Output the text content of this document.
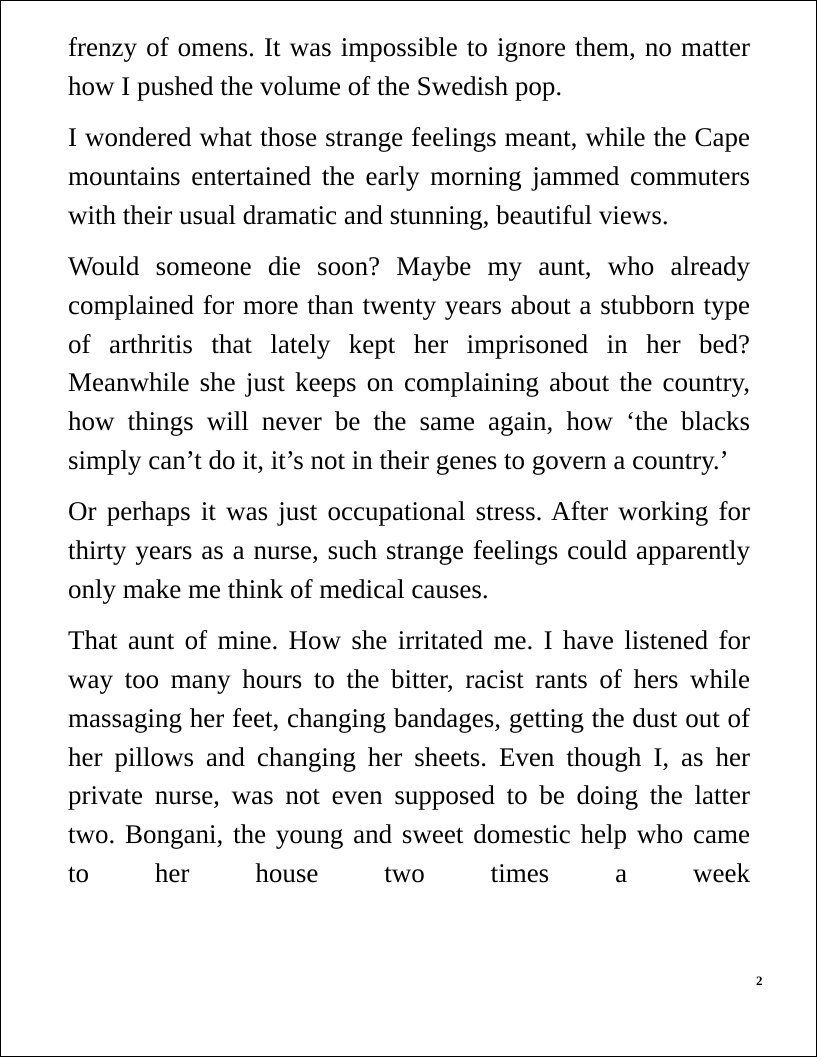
frenzy of omens. It was impossible to ignore them, no matter how I pushed the volume of the Swedish pop.

I wondered what those strange feelings meant, while the Cape mountains entertained the early morning jammed commuters with their usual dramatic and stunning, beautiful views.

Would someone die soon? Maybe my aunt, who already complained for more than twenty years about a stubborn type of arthritis that lately kept her imprisoned in her bed? Meanwhile she just keeps on complaining about the country, how things will never be the same again, how ‘the blacks simply can’t do it, it’s not in their genes to govern a country.’

Or perhaps it was just occupational stress. After working for thirty years as a nurse, such strange feelings could apparently only make me think of medical causes.

That aunt of mine. How she irritated me. I have listened for way too many hours to the bitter, racist rants of hers while massaging her feet, changing bandages, getting the dust out of her pillows and changing her sheets. Even though I, as her private nurse, was not even supposed to be doing the latter two. Bongani, the young and sweet domestic help who came to her house two times a week

2
